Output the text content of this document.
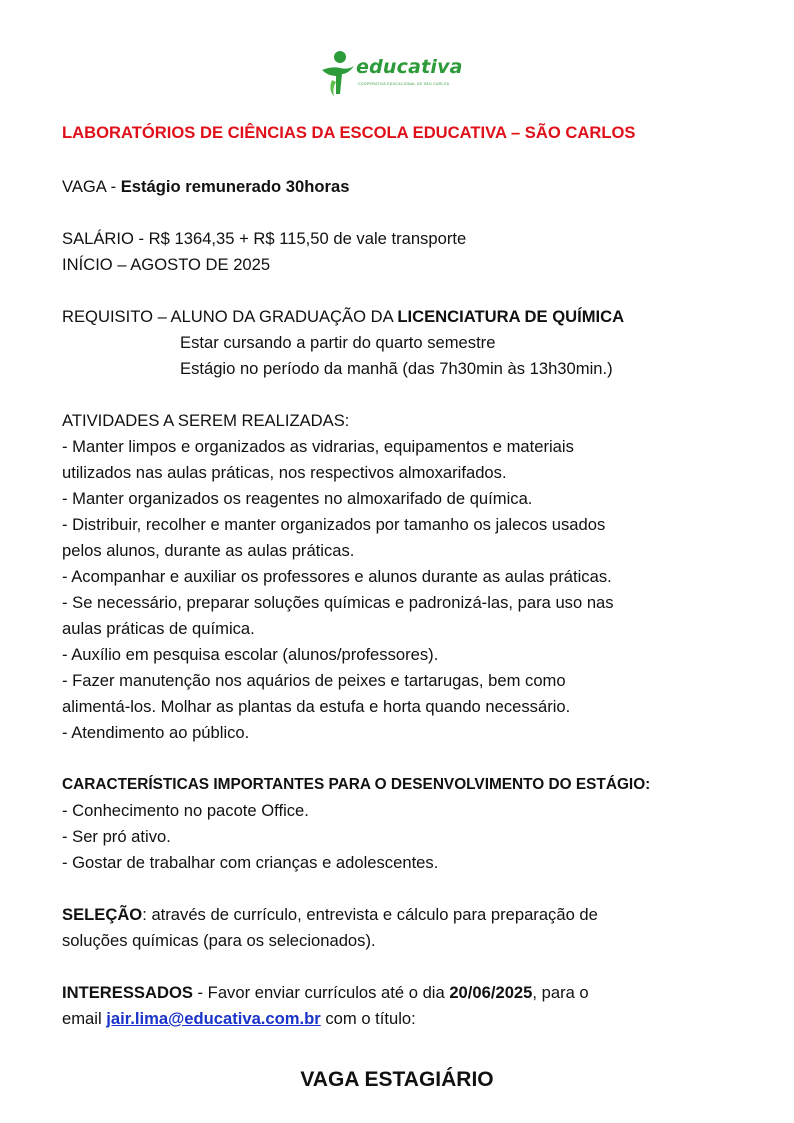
educativa
COOPERATIVA EDUCACIONAL DE SÃO CARLOS
LABORATÓRIOS DE CIÊNCIAS DA ESCOLA EDUCATIVA – SÃO CARLOS
VAGA - Estágio remunerado 30horas
SALÁRIO - R$ 1364,35 + R$ 115,50 de vale transporte
INÍCIO – AGOSTO DE 2025
REQUISITO – ALUNO DA GRADUAÇÃO DA LICENCIATURA DE QUÍMICA
Estar cursando a partir do quarto semestre
Estágio no período da manhã (das 7h30min às 13h30min.)
ATIVIDADES A SEREM REALIZADAS:
- Manter limpos e organizados as vidrarias, equipamentos e materiais
utilizados nas aulas práticas, nos respectivos almoxarifados.
- Manter organizados os reagentes no almoxarifado de química.
- Distribuir, recolher e manter organizados por tamanho os jalecos usados
pelos alunos, durante as aulas práticas.
- Acompanhar e auxiliar os professores e alunos durante as aulas práticas.
- Se necessário, preparar soluções químicas e padronizá-las, para uso nas
aulas práticas de química.
- Auxílio em pesquisa escolar (alunos/professores).
- Fazer manutenção nos aquários de peixes e tartarugas, bem como
alimentá-los. Molhar as plantas da estufa e horta quando necessário.
- Atendimento ao público.
CARACTERÍSTICAS IMPORTANTES PARA O DESENVOLVIMENTO DO ESTÁGIO:
- Conhecimento no pacote Office.
- Ser pró ativo.
- Gostar de trabalhar com crianças e adolescentes.
SELEÇÃO: através de currículo, entrevista e cálculo para preparação de
soluções químicas (para os selecionados).
INTERESSADOS - Favor enviar currículos até o dia 20/06/2025, para o
email jair.lima@educativa.com.br com o título:
VAGA ESTAGIÁRIO
